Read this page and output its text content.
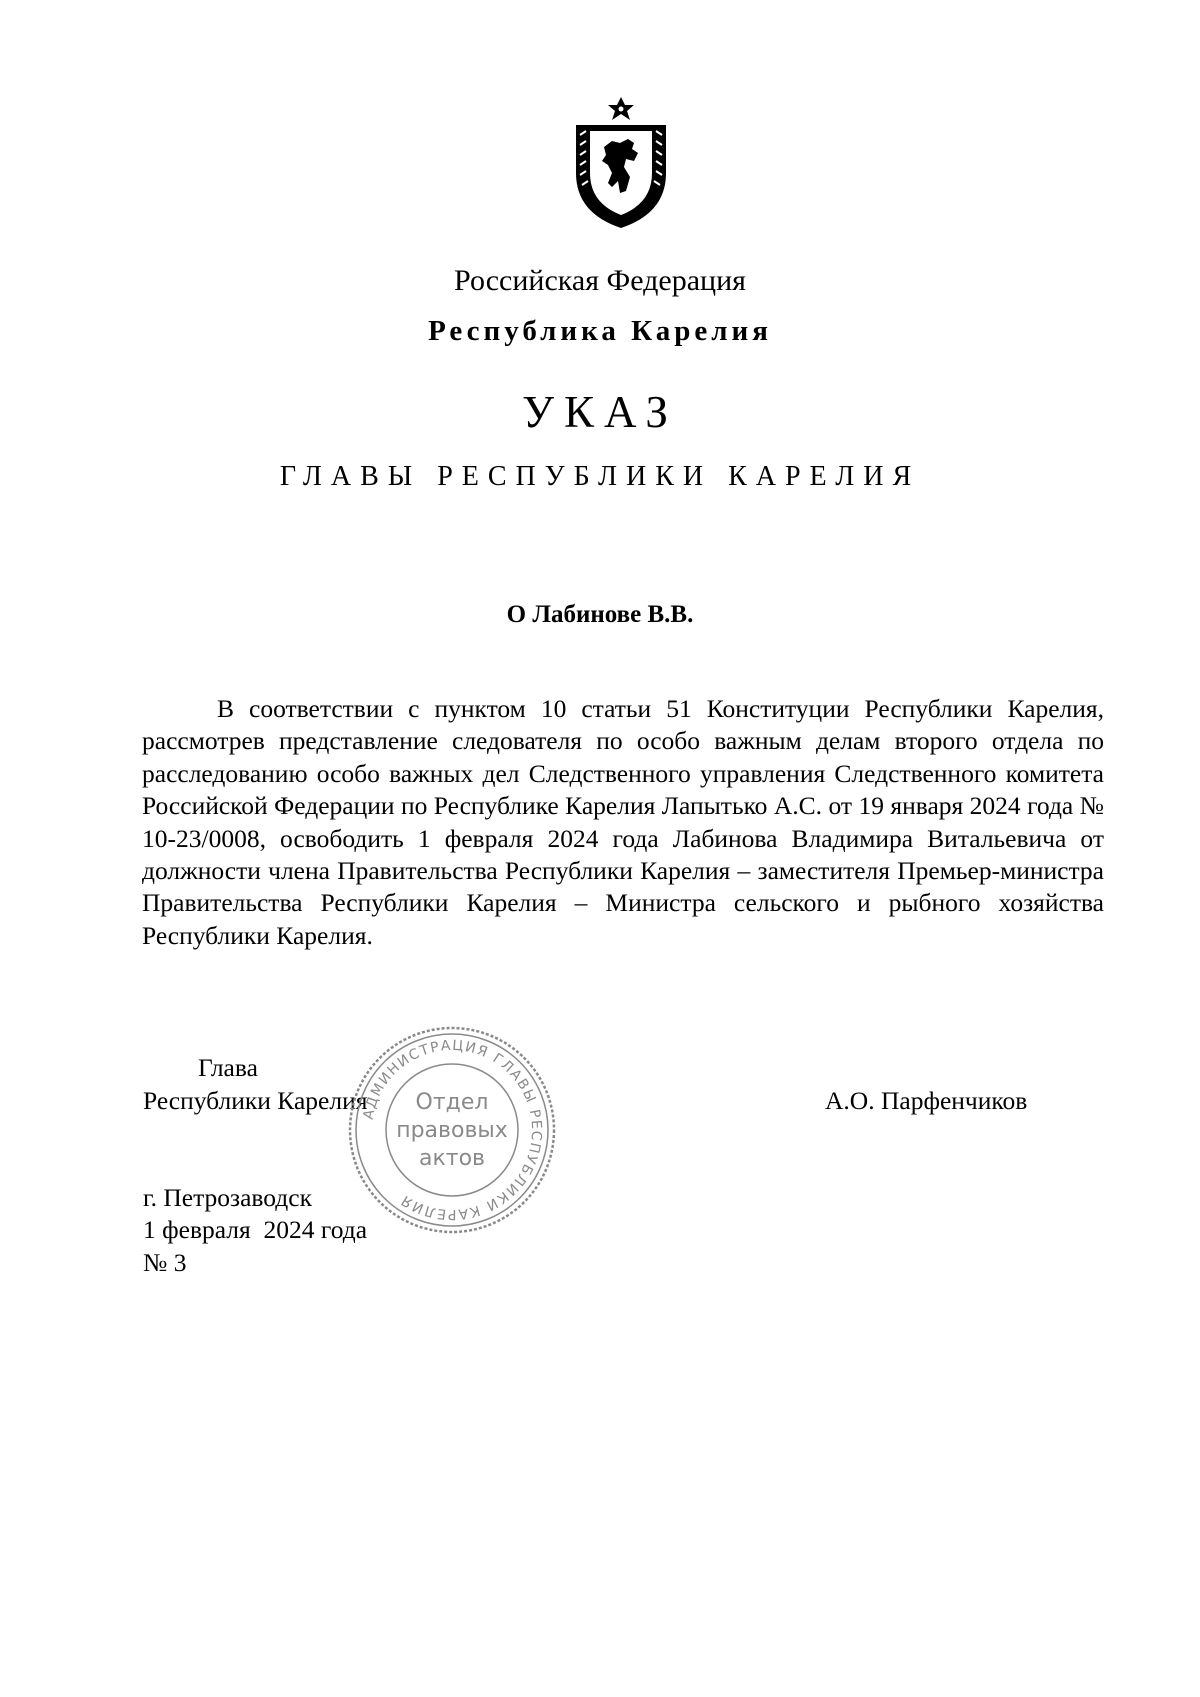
Российская Федерация
Республика Карелия
УКАЗ
ГЛАВЫ РЕСПУБЛИКИ КАРЕЛИЯ
О Лабинове В.В.

В соответствии с пунктом 10 статьи 51 Конституции Республики Карелия, рассмотрев представление следователя по особо важным делам второго отдела по расследованию особо важных дел Следственного управления Следственного комитета Российской Федерации по Республике Карелия Лапытько А.С. от 19 января 2024 года № 10-23/0008, освободить 1 февраля 2024 года Лабинова Владимира Витальевича от должности члена Правительства Республики Карелия – заместителя Премьер-министра Правительства Республики Карелия – Министра сельского и рыбного хозяйства Республики Карелия.

Глава
Республики Карелия	А.О. Парфенчиков
г. Петрозаводск
1 февраля  2024 года
№ 3
АДМИНИСТРАЦИЯ ГЛАВЫ РЕСПУБЛИКИ КАРЕЛИЯ
Отдел
правовых
актов
